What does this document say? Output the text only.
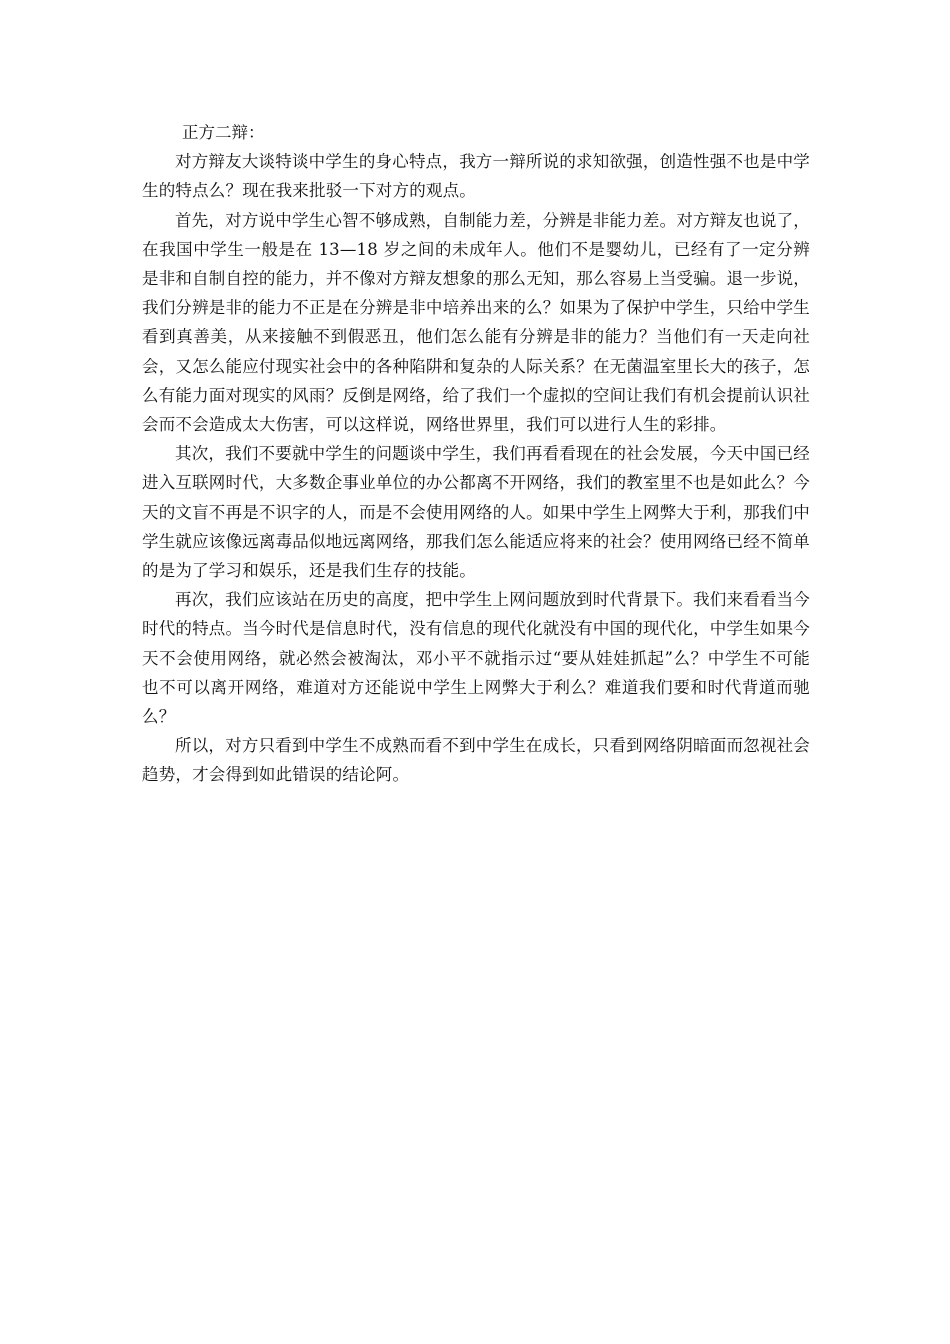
正方二辩：

对方辩友大谈特谈中学生的身心特点，我方一辩所说的求知欲强，创造性强不也是中学生的特点么？现在我来批驳一下对方的观点。

首先，对方说中学生心智不够成熟，自制能力差，分辨是非能力差。对方辩友也说了，在我国中学生一般是在 13—18 岁之间的未成年人。他们不是婴幼儿，已经有了一定分辨是非和自制自控的能力，并不像对方辩友想象的那么无知，那么容易上当受骗。退一步说，我们分辨是非的能力不正是在分辨是非中培养出来的么？如果为了保护中学生，只给中学生看到真善美，从来接触不到假恶丑，他们怎么能有分辨是非的能力？当他们有一天走向社会，又怎么能应付现实社会中的各种陷阱和复杂的人际关系？在无菌温室里长大的孩子，怎么有能力面对现实的风雨？反倒是网络，给了我们一个虚拟的空间让我们有机会提前认识社会而不会造成太大伤害，可以这样说，网络世界里，我们可以进行人生的彩排。

其次，我们不要就中学生的问题谈中学生，我们再看看现在的社会发展，今天中国已经进入互联网时代，大多数企事业单位的办公都离不开网络，我们的教室里不也是如此么？今天的文盲不再是不识字的人，而是不会使用网络的人。如果中学生上网弊大于利，那我们中学生就应该像远离毒品似地远离网络，那我们怎么能适应将来的社会？使用网络已经不简单的是为了学习和娱乐，还是我们生存的技能。

再次，我们应该站在历史的高度，把中学生上网问题放到时代背景下。我们来看看当今时代的特点。当今时代是信息时代，没有信息的现代化就没有中国的现代化，中学生如果今天不会使用网络，就必然会被淘汰，邓小平不就指示过“要从娃娃抓起”么？中学生不可能也不可以离开网络，难道对方还能说中学生上网弊大于利么？难道我们要和时代背道而驰么？

所以，对方只看到中学生不成熟而看不到中学生在成长，只看到网络阴暗面而忽视社会趋势，才会得到如此错误的结论阿。
